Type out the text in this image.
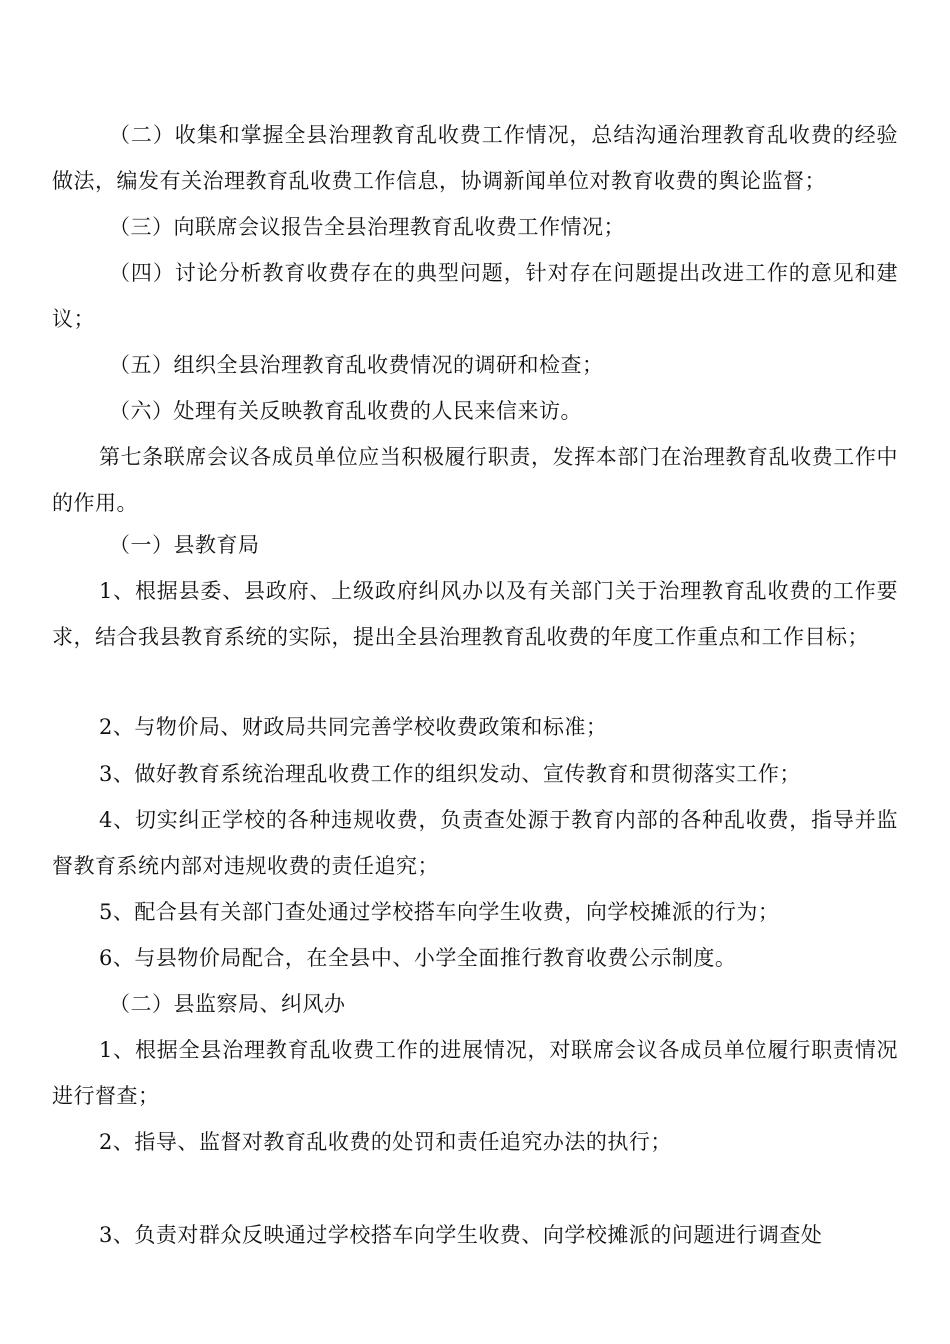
（二）收集和掌握全县治理教育乱收费工作情况，总结沟通治理教育乱收费的经验做法，编发有关治理教育乱收费工作信息，协调新闻单位对教育收费的舆论监督；

（三）向联席会议报告全县治理教育乱收费工作情况；

（四）讨论分析教育收费存在的典型问题，针对存在问题提出改进工作的意见和建议；

（五）组织全县治理教育乱收费情况的调研和检查；

（六）处理有关反映教育乱收费的人民来信来访。

第七条联席会议各成员单位应当积极履行职责，发挥本部门在治理教育乱收费工作中的作用。

（一）县教育局

1、根据县委、县政府、上级政府纠风办以及有关部门关于治理教育乱收费的工作要求，结合我县教育系统的实际，提出全县治理教育乱收费的年度工作重点和工作目标；

2、与物价局、财政局共同完善学校收费政策和标准；

3、做好教育系统治理乱收费工作的组织发动、宣传教育和贯彻落实工作；

4、切实纠正学校的各种违规收费，负责查处源于教育内部的各种乱收费，指导并监督教育系统内部对违规收费的责任追究；

5、配合县有关部门查处通过学校搭车向学生收费，向学校摊派的行为；

6、与县物价局配合，在全县中、小学全面推行教育收费公示制度。

（二）县监察局、纠风办

1、根据全县治理教育乱收费工作的进展情况，对联席会议各成员单位履行职责情况进行督查；

2、指导、监督对教育乱收费的处罚和责任追究办法的执行；

3、负责对群众反映通过学校搭车向学生收费、向学校摊派的问题进行调查处
